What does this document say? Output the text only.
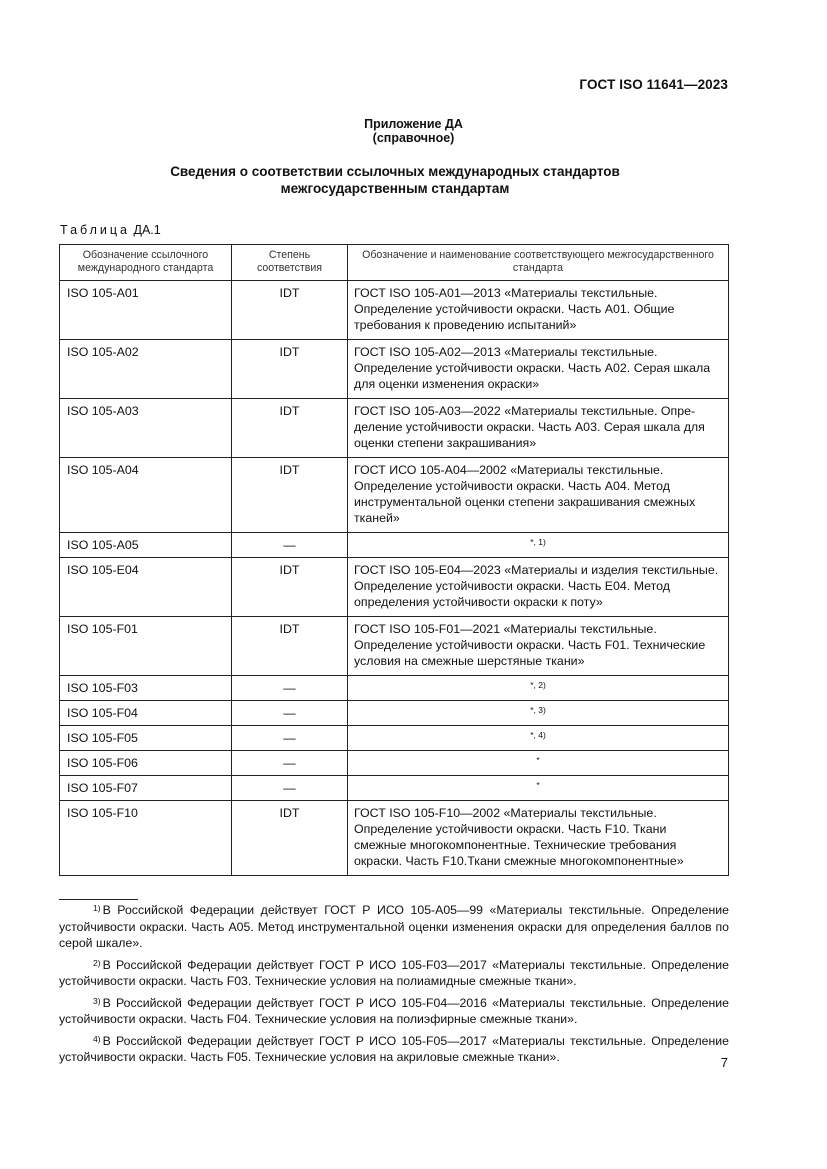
ГОСТ ISO 11641—2023
Приложение ДА
(справочное)
Сведения о соответствии ссылочных международных стандартов
межгосударственным стандартам
Таблица ДА.1
Обозначение ссылочного международного стандарта	Степень соответствия	Обозначение и наименование соответствующего межгосударственного стандарта
ISO 105-A01	IDT	ГОСТ ISO 105-A01—2013 «Материалы текстильные. Определение устойчивости окраски. Часть A01. Общие требования к проведению испытаний»
ISO 105-A02	IDT	ГОСТ ISO 105-A02—2013 «Материалы текстильные. Определение устойчивости окраски. Часть A02. Серая шкала для оценки изменения окраски»
ISO 105-A03	IDT	ГОСТ ISO 105-A03—2022 «Материалы текстильные. Опре-деление устойчивости окраски. Часть A03. Серая шкала для оценки степени закрашивания»
ISO 105-A04	IDT	ГОСТ ИСО 105-A04—2002 «Материалы текстильные. Определение устойчивости окраски. Часть A04. Метод инструментальной оценки степени закрашивания смежных тканей»
ISO 105-A05	—	*, 1)
ISO 105-E04	IDT	ГОСТ ISO 105-E04—2023 «Материалы и изделия текстильные. Определение устойчивости окраски. Часть E04. Метод определения устойчивости окраски к поту»
ISO 105-F01	IDT	ГОСТ ISO 105-F01—2021 «Материалы текстильные. Определение устойчивости окраски. Часть F01. Технические условия на смежные шерстяные ткани»
ISO 105-F03	—	*, 2)
ISO 105-F04	—	*, 3)
ISO 105-F05	—	*, 4)
ISO 105-F06	—	*
ISO 105-F07	—	*
ISO 105-F10	IDT	ГОСТ ISO 105-F10—2002 «Материалы текстильные. Определение устойчивости окраски. Часть F10. Ткани смежные многокомпонентные. Технические требования окраски. Часть F10.Ткани смежные многокомпонентные»

$^{1)}$ В Российской Федерации действует ГОСТ Р ИСО 105-A05—99 «Материалы текстильные. Определение устойчивости окраски. Часть A05. Метод инструментальной оценки изменения окраски для определения баллов по серой шкале».

$^{2)}$ В Российской Федерации действует ГОСТ Р ИСО 105-F03—2017 «Материалы текстильные. Определение устойчивости окраски. Часть F03. Технические условия на полиамидные смежные ткани».

$^{3)}$ В Российской Федерации действует ГОСТ Р ИСО 105-F04—2016 «Материалы текстильные. Определение устойчивости окраски. Часть F04. Технические условия на полиэфирные смежные ткани».

$^{4)}$ В Российской Федерации действует ГОСТ Р ИСО 105-F05—2017 «Материалы текстильные. Определение устойчивости окраски. Часть F05. Технические условия на акриловые смежные ткани».	7
